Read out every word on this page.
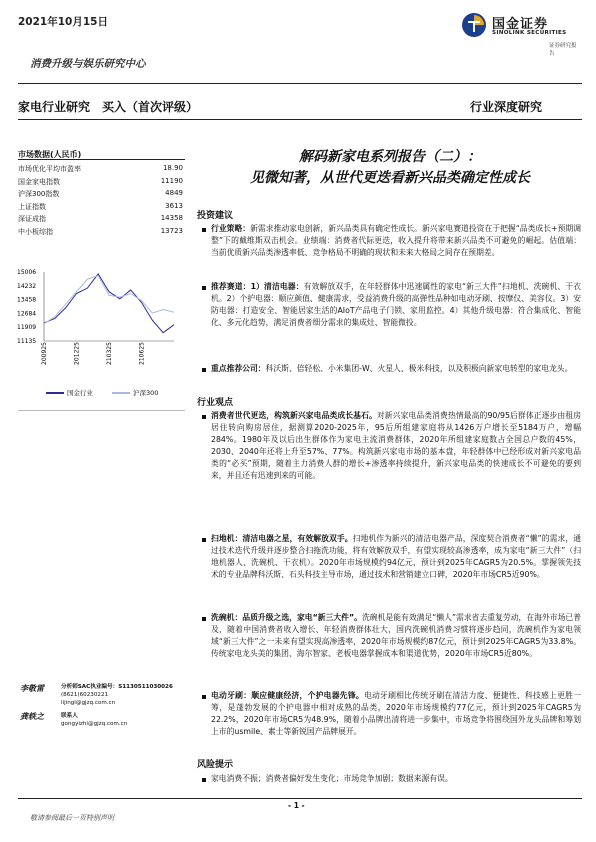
2021年10月15日	国金证券
SINOLINK SECURITIES
证券研究报告
消费升级与娱乐研究中心
家电行业研究　买入（首次评级）	行业深度研究
市场数据(人民币)
市场优化平均市盈率	18.90
国金家电指数	11190
沪深300指数	4849
上证指数	3613
深证成指	14358
中小板综指	13723
15006
14232
13458
12684
11909
11135
200925	201225	210325	210625
国金行业	沪深300
解码新家电系列报告（二）：
见微知著，从世代更迭看新兴品类确定性成长
投资建议
行业策略：新需求推动家电创新，新兴品类具有确定性成长。新兴家电赛道投资在于把握“品类成长+预期调整”下的戴维斯双击机会。业绩端：消费者代际更迭，收入提升将带来新兴品类不可避免的崛起。估值端：当前优质新兴品类渗透率低、竞争格局不明确的现状和未来大格局之间存在预期差。
推荐赛道：1）清洁电器：有效解放双手，在年轻群体中迅速属性的家电“新三大件”扫地机、洗碗机、干衣机。2）个护电器：顺应颜值、健康需求，受益消费升级的高弹性品种如电动牙刷、按摩仪、美容仪。3）安防电器：打造安全、智能居家生活的AIoT产品电子门锁、家用监控。4）其他升级电器：符合集成化、智能化、多元化趋势，满足消费者细分需求的集成灶、智能微投。
重点推荐公司：科沃斯、倍轻松、小米集团-W、火星人、极米科技，以及积极向新家电转型的家电龙头。
行业观点
消费者世代更迭，构筑新兴家电品类成长基石。对新兴家电品类消费热情最高的90/95后群体正逐步由租房居住转向购房居住，据测算2020-2025年，95后所组建家庭将从1426万户增长至5184万户，增幅284%。1980年及以后出生群体作为家电主流消费群体，2020年所组建家庭数占全国总户数的45%，2030、2040年还将上升至57%、77%。构筑新兴家电市场的基本盘，年轻群体中已经形成对新兴家电品类的“必买”预期，随着主力消费人群的增长+渗透率持续提升，新兴家电品类的快速成长不可避免的要到来，并且还有迅速到来的可能。
扫地机：清洁电器之星，有效解放双手。扫地机作为新兴的清洁电器产品，深度契合消费者“懒”的需求，通过技术迭代升级并逐步整合扫拖洗功能，将有效解放双手，有望实现较高渗透率，成为家电“新三大件”（扫地机器人、洗碗机、干衣机）。2020年市场规模约94亿元，预计到2025年CAGR5为20.5%。掌握领先技术的专业品牌科沃斯、石头科技主导市场，通过技术和营销建立口碑，2020年市场CR5近90%。
洗碗机：品质升级之选，家电“新三大件”。洗碗机是能有效满足“懒人”需求省去重复劳动，在海外市场已普及，随着中国消费者收入增长、年轻消费群体壮大，国内洗碗机消费习惯将逐步趋同，洗碗机作为家电领域“新三大件”之一未来有望实现高渗透率，2020年市场规模约87亿元，预计到2025年CAGR5为33.8%。传统家电龙头美的集团、海尔智家、老板电器掌握成本和渠道优势，2020年市场CR5近80%。
电动牙刷：顺应健康经济，个护电器先锋。电动牙刷相比传统牙刷在清洁力度、便捷性、科技感上更胜一筹，是蓬勃发展的个护电器中相对成熟的品类，2020年市场规模约77亿元，预计到2025年CAGR5为22.2%，2020年市场CR5为48.9%，随着小品牌出清将进一步集中，市场竞争将围绕国外龙头品牌和筹划上市的usmile、素士等新锐国产品牌展开。
风险提示
家电消费不振；消费者偏好发生变化；市场竞争加剧；数据来源有误。
李敬雷	分析师SAC执业编号：S1130511030026
(8621)60230221
lijingl@gjzq.com.cn
龚轶之	联系人
gongyizhi@gjzq.com.cn
- 1 -
敬请参阅最后一页特别声明
